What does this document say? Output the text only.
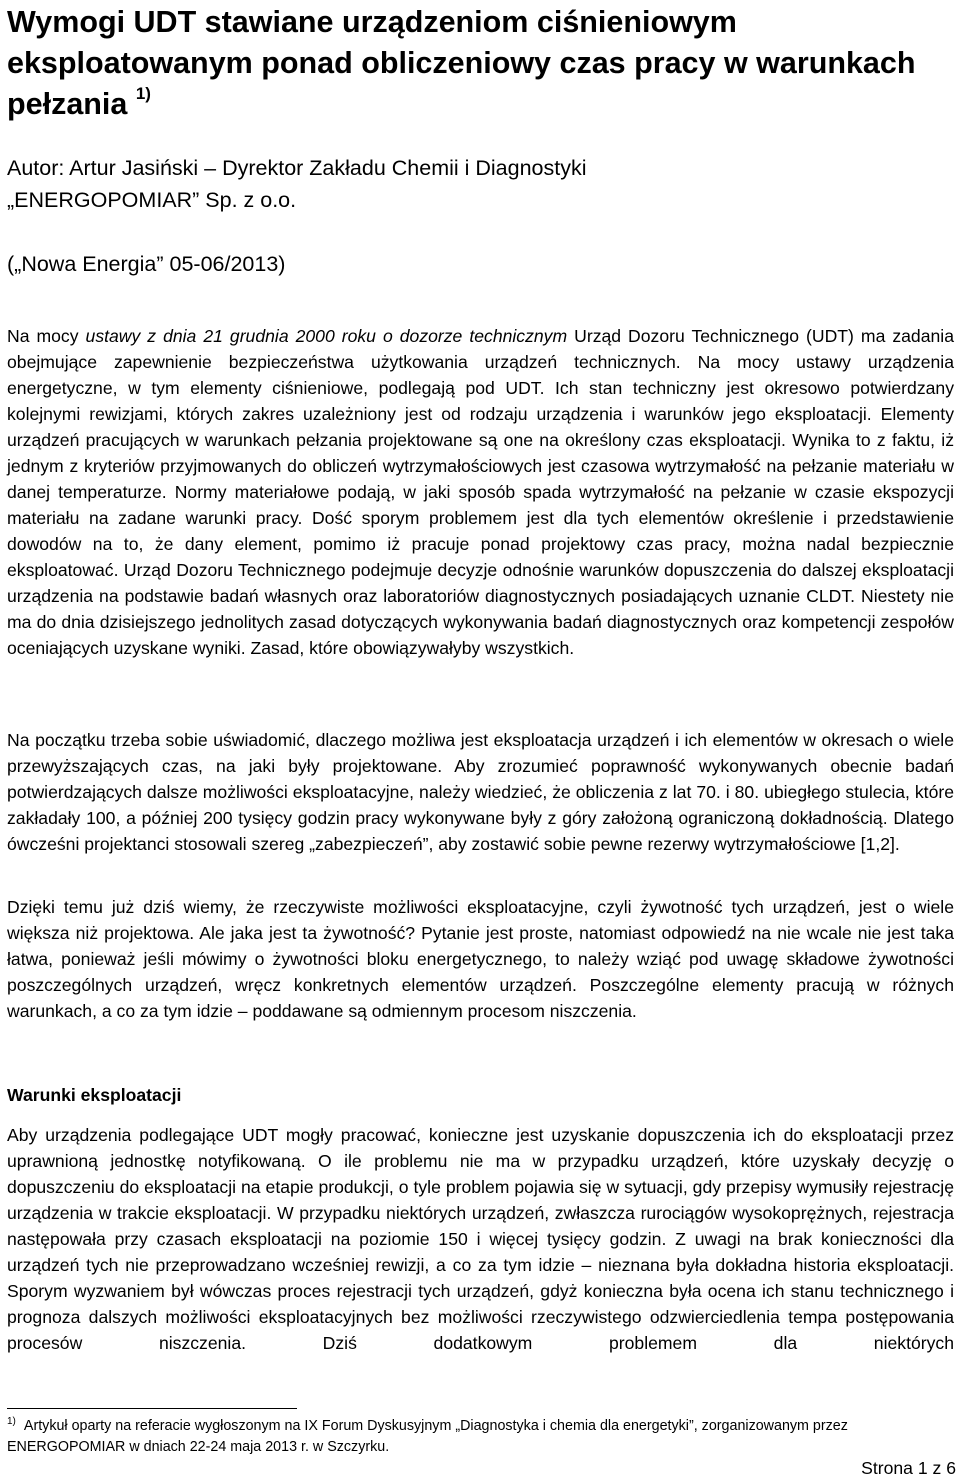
Wymogi UDT stawiane urządzeniom ciśnieniowym eksploatowanym ponad obliczeniowy czas pracy w warunkach pełzania $^{1)}$

Autor: Artur Jasiński – Dyrektor Zakładu Chemii i Diagnostyki
„ENERGOPOMIAR” Sp. z o.o.

(„Nowa Energia” 05-06/2013)

Na mocy ustawy z dnia 21 grudnia 2000 roku o dozorze technicznym Urząd Dozoru Technicznego (UDT) ma zadania obejmujące zapewnienie bezpieczeństwa użytkowania urządzeń technicznych. Na mocy ustawy urządzenia energetyczne, w tym elementy ciśnieniowe, podlegają pod UDT. Ich stan techniczny jest okresowo potwierdzany kolejnymi rewizjami, których zakres uzależniony jest od rodzaju urządzenia i warunków jego eksploatacji. Elementy urządzeń pracujących w warunkach pełzania projektowane są one na określony czas eksploatacji. Wynika to z faktu, iż jednym z kryteriów przyjmowanych do obliczeń wytrzymałościowych jest czasowa wytrzymałość na pełzanie materiału w danej temperaturze. Normy materiałowe podają, w jaki sposób spada wytrzymałość na pełzanie w czasie ekspozycji materiału na zadane warunki pracy. Dość sporym problemem jest dla tych elementów określenie i przedstawienie dowodów na to, że dany element, pomimo iż pracuje ponad projektowy czas pracy, można nadal bezpiecznie eksploatować. Urząd Dozoru Technicznego podejmuje decyzje odnośnie warunków dopuszczenia do dalszej eksploatacji urządzenia na podstawie badań własnych oraz laboratoriów diagnostycznych posiadających uznanie CLDT. Niestety nie ma do dnia dzisiejszego jednolitych zasad dotyczących wykonywania badań diagnostycznych oraz kompetencji zespołów oceniających uzyskane wyniki. Zasad, które obowiązywałyby wszystkich.

Na początku trzeba sobie uświadomić, dlaczego możliwa jest eksploatacja urządzeń i ich elementów w okresach o wiele przewyższających czas, na jaki były projektowane. Aby zrozumieć poprawność wykonywanych obecnie badań potwierdzających dalsze możliwości eksploatacyjne, należy wiedzieć, że obliczenia z lat 70. i 80. ubiegłego stulecia, które zakładały 100, a później 200 tysięcy godzin pracy wykonywane były z góry założoną ograniczoną dokładnością. Dlatego ówcześni projektanci stosowali szereg „zabezpieczeń”, aby zostawić sobie pewne rezerwy wytrzymałościowe [1,2].

Dzięki temu już dziś wiemy, że rzeczywiste możliwości eksploatacyjne, czyli żywotność tych urządzeń, jest o wiele większa niż projektowa. Ale jaka jest ta żywotność? Pytanie jest proste, natomiast odpowiedź na nie wcale nie jest taka łatwa, ponieważ jeśli mówimy o żywotności bloku energetycznego, to należy wziąć pod uwagę składowe żywotności poszczególnych urządzeń, wręcz konkretnych elementów urządzeń. Poszczególne elementy pracują w różnych warunkach, a co za tym idzie – poddawane są odmiennym procesom niszczenia.

Warunki eksploatacji

Aby urządzenia podlegające UDT mogły pracować, konieczne jest uzyskanie dopuszczenia ich do eksploatacji przez uprawnioną jednostkę notyfikowaną. O ile problemu nie ma w przypadku urządzeń, które uzyskały decyzję o dopuszczeniu do eksploatacji na etapie produkcji, o tyle problem pojawia się w sytuacji, gdy przepisy wymusiły rejestrację urządzenia w trakcie eksploatacji. W przypadku niektórych urządzeń, zwłaszcza rurociągów wysokoprężnych, rejestracja następowała przy czasach eksploatacji na poziomie 150 i więcej tysięcy godzin. Z uwagi na brak konieczności dla urządzeń tych nie przeprowadzano wcześniej rewizji, a co za tym idzie – nieznana była dokładna historia eksploatacji. Sporym wyzwaniem był wówczas proces rejestracji tych urządzeń, gdyż konieczna była ocena ich stanu technicznego i prognoza dalszych możliwości eksploatacyjnych bez możliwości rzeczywistego odzwierciedlenia tempa postępowania procesów niszczenia. Dziś dodatkowym problemem dla niektórych

$^{1)}$ Artykuł oparty na referacie wygłoszonym na IX Forum Dyskusyjnym „Diagnostyka i chemia dla energetyki”, zorganizowanym przez ENERGOPOMIAR w dniach 22-24 maja 2013 r. w Szczyrku.

Strona 1 z 6
